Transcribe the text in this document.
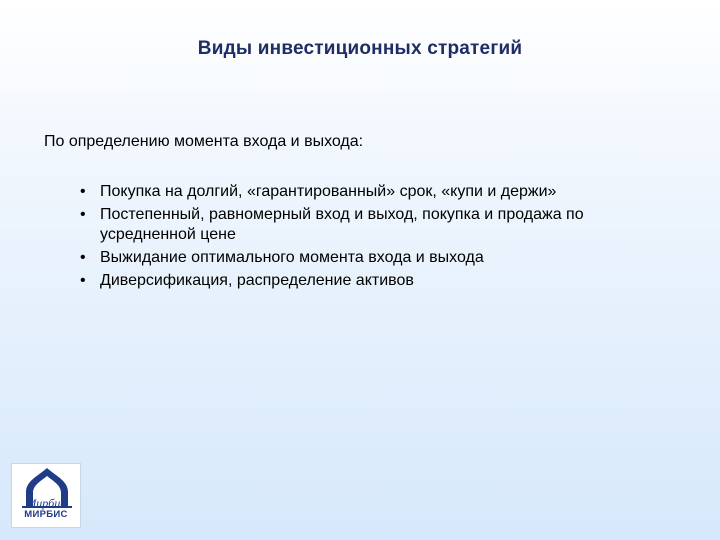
Виды инвестиционных стратегий
По определению момента входа и выхода:
• Покупка на долгий, «гарантированный» срок, «купи и держи»
• Постепенный, равномерный вход и выход, покупка и продажа по усредненной цене
• Выжидание оптимального момента входа и выхода
• Диверсификация, распределение активов
Мирбис
МИРБИС
